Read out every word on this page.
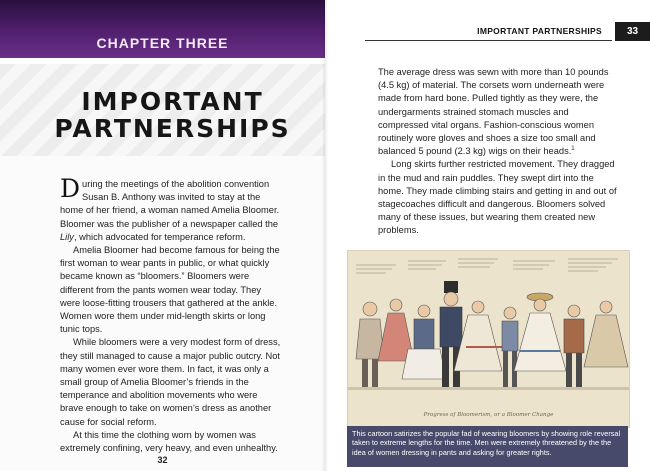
CHAPTER THREE
IMPORTANT
PARTNERSHIPS

During the meetings of the abolition convention Susan B. Anthony was invited to stay at the home of her friend, a woman named Amelia Bloomer. Bloomer was the publisher of a newspaper called the Lily, which advocated for temperance reform.

Amelia Bloomer had become famous for being the first woman to wear pants in public, or what quickly became known as “bloomers.” Bloomers were different from the pants women wear today. They were loose-fitting trousers that gathered at the ankle. Women wore them under mid-length skirts or long tunic tops.

While bloomers were a very modest form of dress, they still managed to cause a major public outcry. Not many women ever wore them. In fact, it was only a small group of Amelia Bloomer’s friends in the temperance and abolition movements who were brave enough to take on women’s dress as another cause for social reform.

At this time the clothing worn by women was extremely confining, very heavy, and even unhealthy.

32
IMPORTANT PARTNERSHIPS	33

The average dress was sewn with more than 10 pounds (4.5 kg) of material. The corsets worn underneath were made from hard bone. Pulled tightly as they were, the undergarments strained stomach muscles and compressed vital organs. Fashion-conscious women routinely wore gloves and shoes a size too small and balanced 5 pound (2.3 kg) wigs on their heads.$^1$

Long skirts further restricted movement. They dragged in the mud and rain puddles. They swept dirt into the home. They made climbing stairs and getting in and out of stagecoaches difficult and dangerous. Bloomers solved many of these issues, but wearing them created new problems.

Progress of Bloomerism, or a Bloomer Change
This cartoon satirizes the popular fad of wearing bloomers by showing role reversal taken to extreme lengths for the time. Men were extremely threatened by the the idea of women dressing in pants and asking for greater rights.
